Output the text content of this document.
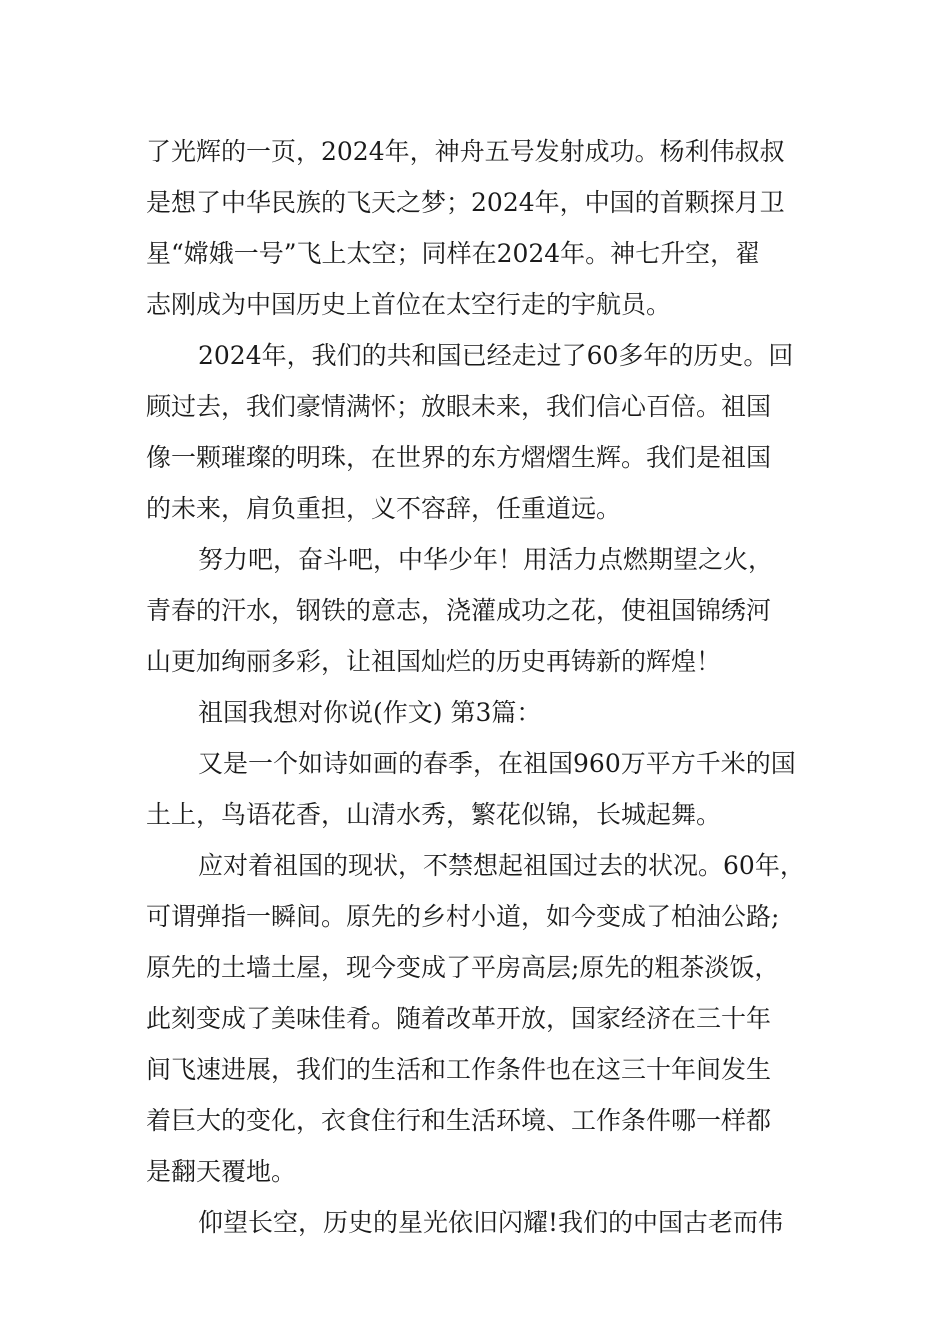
了光辉的一页，2024年，神舟五号发射成功。杨利伟叔叔
是想了中华民族的飞天之梦；2024年，中国的首颗探月卫
星“嫦娥一号”飞上太空；同样在2024年。神七升空，翟
志刚成为中国历史上首位在太空行走的宇航员。
2024年，我们的共和国已经走过了60多年的历史。回
顾过去，我们豪情满怀；放眼未来，我们信心百倍。祖国
像一颗璀璨的明珠，在世界的东方熠熠生辉。我们是祖国
的未来，肩负重担，义不容辞，任重道远。
努力吧，奋斗吧，中华少年！用活力点燃期望之火，
青春的汗水，钢铁的意志，浇灌成功之花，使祖国锦绣河
山更加绚丽多彩，让祖国灿烂的历史再铸新的辉煌！
祖国我想对你说(作文) 第3篇：
又是一个如诗如画的春季，在祖国960万平方千米的国
土上，鸟语花香，山清水秀，繁花似锦，长城起舞。
应对着祖国的现状，不禁想起祖国过去的状况。60年，
可谓弹指一瞬间。原先的乡村小道，如今变成了柏油公路;
原先的土墙土屋，现今变成了平房高层;原先的粗茶淡饭，
此刻变成了美味佳肴。随着改革开放，国家经济在三十年
间飞速进展，我们的生活和工作条件也在这三十年间发生
着巨大的变化，衣食住行和生活环境、工作条件哪一样都
是翻天覆地。
仰望长空，历史的星光依旧闪耀!我们的中国古老而伟
